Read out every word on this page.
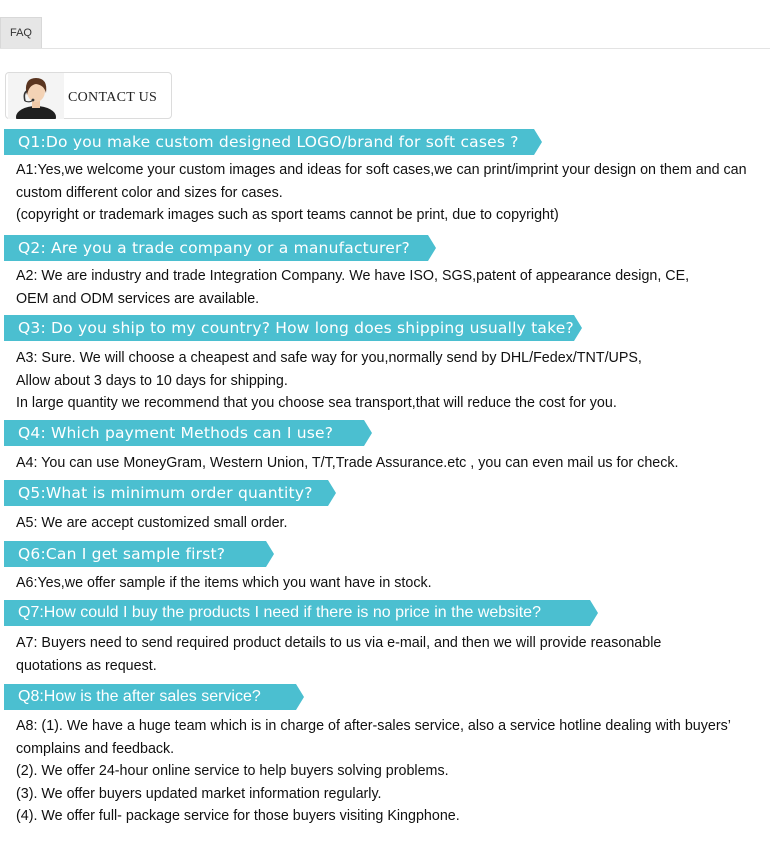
FAQ
CONTACT US
Q1:Do you make custom designed LOGO/brand for soft cases ?
A1:Yes,we welcome your custom images and ideas for soft cases,we can print/imprint your design on them and can
custom different color and sizes for cases.
(copyright or trademark images such as sport teams cannot be print, due to copyright)
Q2: Are you a trade company or a manufacturer?
A2: We are industry and trade Integration Company. We have ISO, SGS,patent of appearance design, CE,
OEM and ODM services are available.
Q3: Do you ship to my country? How long does shipping usually take?
A3: Sure. We will choose a cheapest and safe way for you,normally send by DHL/Fedex/TNT/UPS,
Allow about 3 days to 10 days for shipping.
In large quantity we recommend that you choose sea transport,that will reduce the cost for you.
Q4: Which payment Methods can I use?
A4: You can use MoneyGram, Western Union, T/T,Trade Assurance.etc , you can even mail us for check.
Q5:What is minimum order quantity?
A5: We are accept customized small order.
Q6:Can I get sample first?
A6:Yes,we offer sample if the items which you want have in stock.
Q7:How could I buy the products I need if there is no price in the website?
A7: Buyers need to send required product details to us via e-mail, and then we will provide reasonable
quotations as request.
Q8:How is the after sales service?
A8: (1). We have a huge team which is in charge of after-sales service, also a service hotline dealing with buyers’
complains and feedback.
(2). We offer 24-hour online service to help buyers solving problems.
(3). We offer buyers updated market information regularly.
(4). We offer full- package service for those buyers visiting Kingphone.
